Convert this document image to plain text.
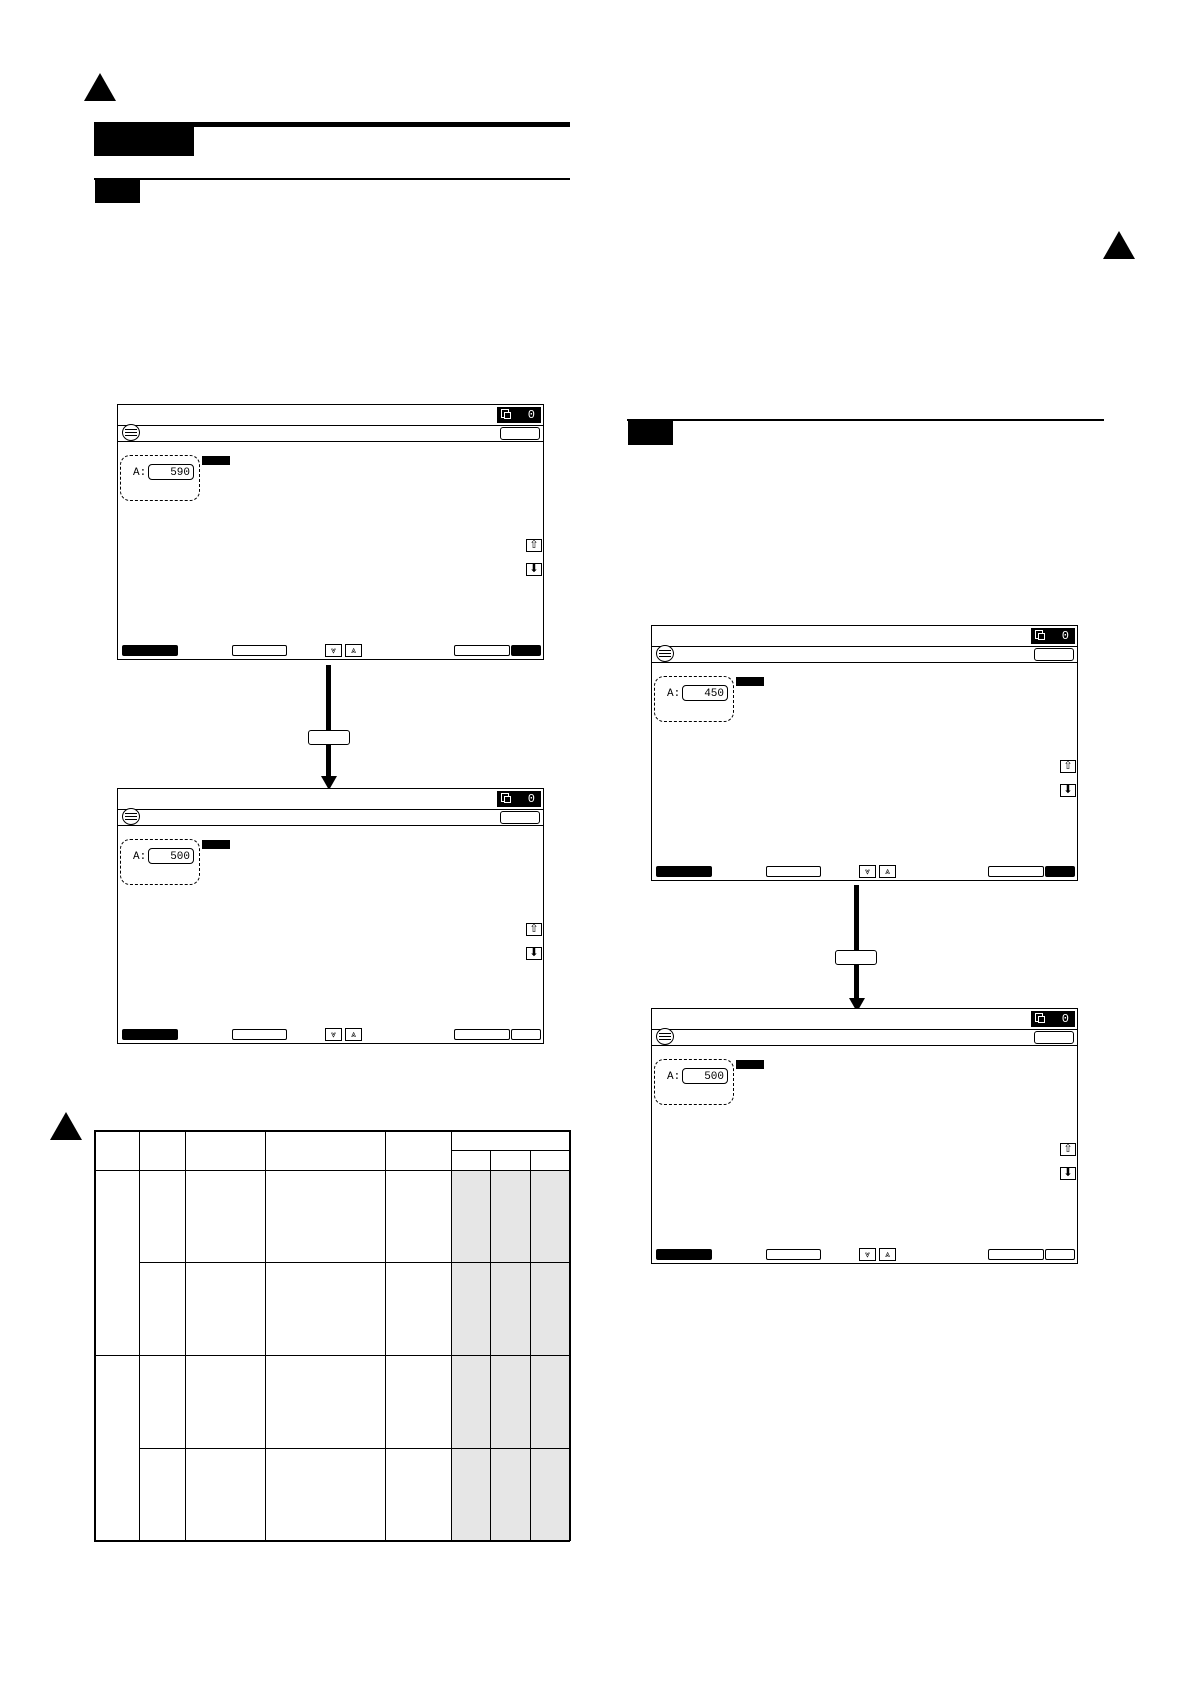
0
A:	590
⇧
⬇
⩔	⩓
0
A:	500
⇧
⬇
⩔	⩓
0
A:	450
⇧
⬇
⩔	⩓
0
A:	500
⇧
⬇
⩔	⩓
